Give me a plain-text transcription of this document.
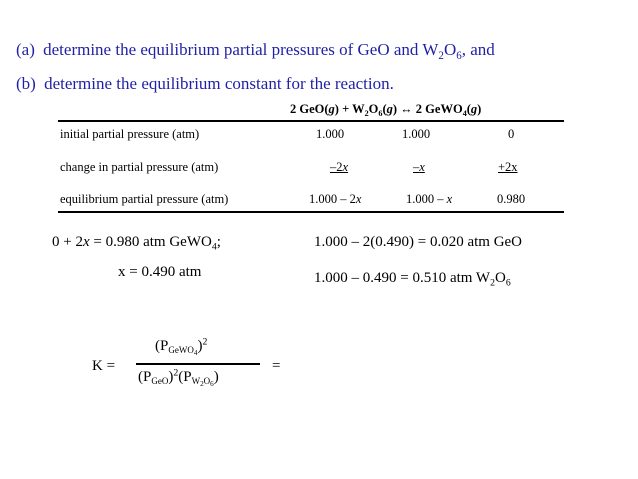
(a) determine the equilibrium partial pressures of GeO and $W_2O_6$, and
(b) determine the equilibrium constant for the reaction.
2 $GeO(g) + W_2O_6(g)$ ↔ 2 GeWO$_4$(g)
initial partial pressure (atm)	1.000	1.000	0
change in partial pressure (atm)	–2x	–x	+2x
equilibrium partial pressure (atm)	1.000 – 2x	1.000 – x	0.980
0 + 2x = 0.980 atm GeWO$_4$;
x = 0.490 atm
1.000 – 2(0.490) = 0.020 atm GeO
1.000 – 0.490 = 0.510 atm $W_2O_6$
K =
$(P_{GeWO4})^2$
$(P_{GeO})^2(P_{W2O6})$
=
